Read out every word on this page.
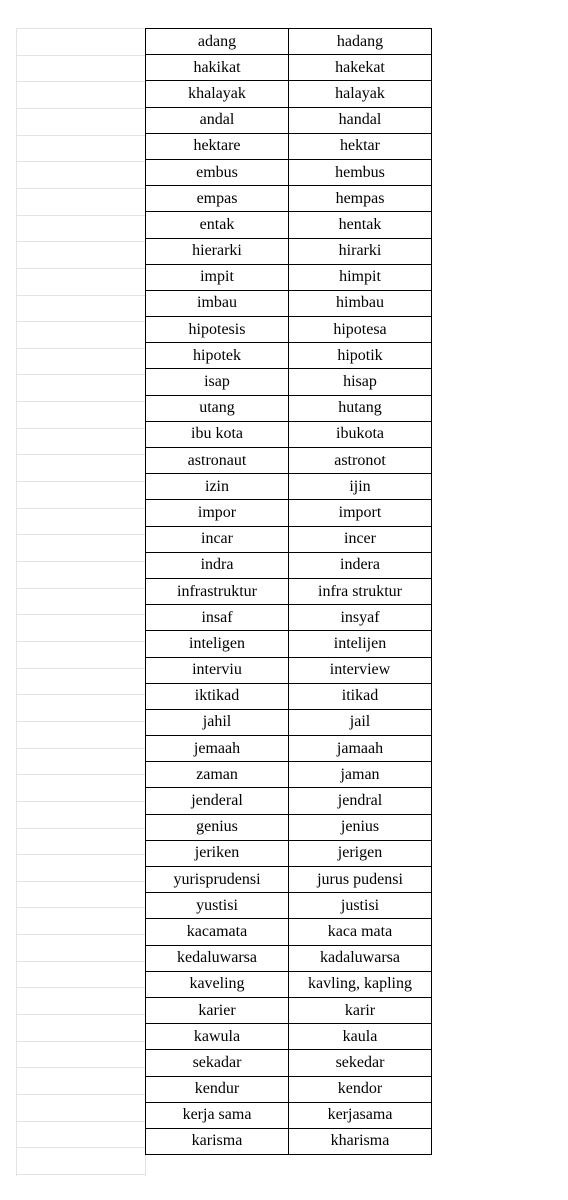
adang	hadang
hakikat	hakekat
khalayak	halayak
andal	handal
hektare	hektar
embus	hembus
empas	hempas
entak	hentak
hierarki	hirarki
impit	himpit
imbau	himbau
hipotesis	hipotesa
hipotek	hipotik
isap	hisap
utang	hutang
ibu kota	ibukota
astronaut	astronot
izin	ijin
impor	import
incar	incer
indra	indera
infrastruktur	infra struktur
insaf	insyaf
inteligen	intelijen
interviu	interview
iktikad	itikad
jahil	jail
jemaah	jamaah
zaman	jaman
jenderal	jendral
genius	jenius
jeriken	jerigen
yurisprudensi	jurus pudensi
yustisi	justisi
kacamata	kaca mata
kedaluwarsa	kadaluwarsa
kaveling	kavling, kapling
karier	karir
kawula	kaula
sekadar	sekedar
kendur	kendor
kerja sama	kerjasama
karisma	kharisma
